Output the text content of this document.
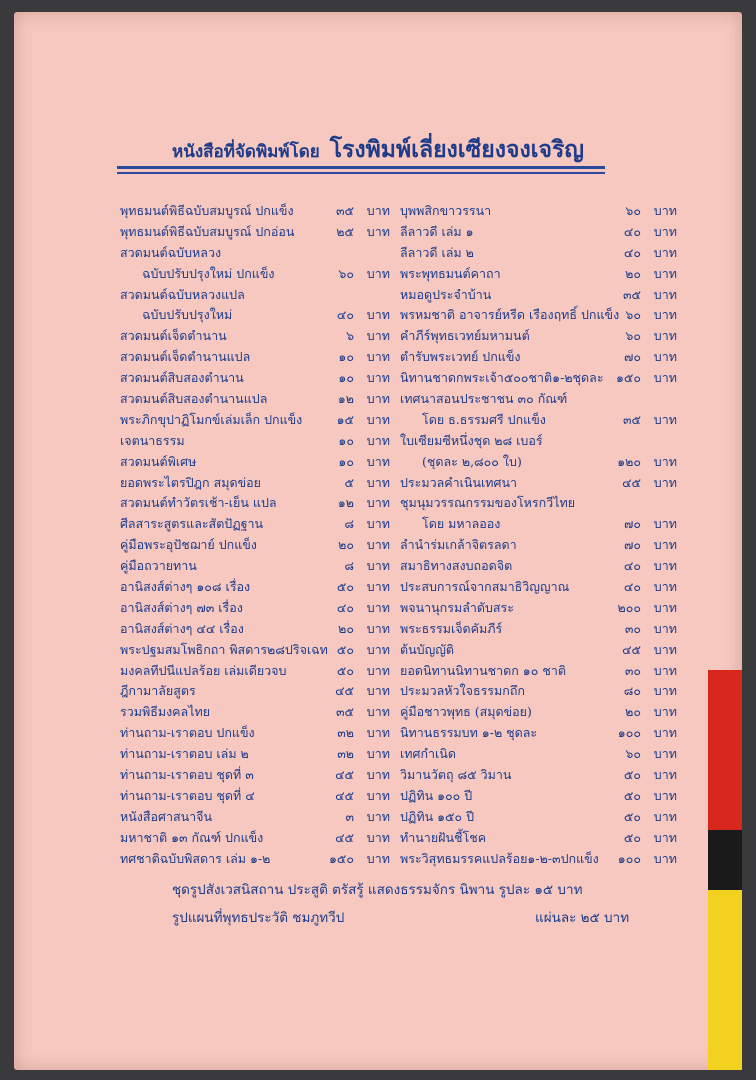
หนังสือที่จัดพิมพ์โดย โรงพิมพ์เลี่ยงเซียงจงเจริญ
พุทธมนต์พิธีฉบับสมบูรณ์ ปกแข็ง	๓๕ บาท
พุทธมนต์พิธีฉบับสมบูรณ์ ปกอ่อน	๒๕ บาท
สวดมนต์ฉบับหลวง
ฉบับปรับปรุงใหม่ ปกแข็ง	๖๐ บาท
สวดมนต์ฉบับหลวงแปล
ฉบับปรับปรุงใหม่	๔๐ บาท
สวดมนต์เจ็ดตำนาน	๖ บาท
สวดมนต์เจ็ดตำนานแปล	๑๐ บาท
สวดมนต์สิบสองตำนาน	๑๐ บาท
สวดมนต์สิบสองตำนานแปล	๑๒ บาท
พระภิกขุปาฏิโมกข์เล่มเล็ก ปกแข็ง	๑๕ บาท
เจตนาธรรม	๑๐ บาท
สวดมนต์พิเศษ	๑๐ บาท
ยอดพระไตรปิฎก สมุดข่อย	๕ บาท
สวดมนต์ทำวัตรเช้า-เย็น แปล	๑๒ บาท
ศีลสาระสูตรและสัตปัฏฐาน	๘ บาท
คู่มือพระอุปัชฌาย์ ปกแข็ง	๒๐ บาท
คู่มือถวายทาน	๘ บาท
อานิสงส์ต่างๆ ๑๐๘ เรื่อง	๕๐ บาท
อานิสงส์ต่างๆ ๗๓ เรื่อง	๔๐ บาท
อานิสงส์ต่างๆ ๔๔ เรื่อง	๒๐ บาท
พระปฐมสมโพธิกถา พิสดาร๒๘ปริจเฉท ๕๐ บาท
มงคลทีปนีแปลร้อย เล่มเดียวจบ	๕๐ บาท
ฎีกามาลัยสูตร	๔๕ บาท
รวมพิธีมงคลไทย	๓๕ บาท
ท่านถาม-เราตอบ ปกแข็ง	๓๒ บาท
ท่านถาม-เราตอบ เล่ม ๒	๓๒ บาท
ท่านถาม-เราตอบ ชุดที่ ๓	๔๕ บาท
ท่านถาม-เราตอบ ชุดที่ ๔	๔๕ บาท
หนังสือศาสนาจีน	๓ บาท
มหาชาติ ๑๓ กัณฑ์ ปกแข็ง	๔๕ บาท
ทศชาติฉบับพิสดาร เล่ม ๑-๒	๑๕๐ บาท
บุพพสิกขาวรรนา	๖๐ บาท
ลีลาวดี เล่ม ๑	๔๐ บาท
ลีลาวดี เล่ม ๒	๔๐ บาท
พระพุทธมนต์คาถา	๒๐ บาท
หมอดูประจำบ้าน	๓๕ บาท
พรหมชาติ อาจารย์หรีด เรืองฤทธิ์ ปกแข็ง ๖๐ บาท
คำภีร์พุทธเวทย์มหามนต์	๖๐ บาท
ตำรับพระเวทย์ ปกแข็ง	๗๐ บาท
นิทานชาดกพระเจ้า๕๐๐ชาติ๑-๒ชุดละ ๑๕๐ บาท
เทศนาสอนประชาชน ๓๐ กัณฑ์
โดย ธ.ธรรมศรี ปกแข็ง	๓๕ บาท
ใบเซียมซีหนึ่งชุด ๒๘ เบอร์
(ชุดละ ๒,๘๐๐ ใบ)	๑๒๐ บาท
ประมวลคำเนินเทศนา	๔๕ บาท
ชุมนุมวรรณกรรมของโหรกวีไทย
โดย มหาลออง	๗๐ บาท
ลำนำร่มเกล้าจิตรลดา	๗๐ บาท
สมาธิทางสงบถอดจิต	๔๐ บาท
ประสบการณ์จากสมาธิวิญญาณ	๔๐ บาท
พจนานุกรมลำดับสระ	๒๐๐ บาท
พระธรรมเจ็ดคัมภีร์	๓๐ บาท
ต้นบัญญัติ	๔๕ บาท
ยอดนิทานนิทานชาดก ๑๐ ชาติ	๓๐ บาท
ประมวลหัวใจธรรมกถึก	๘๐ บาท
คู่มือชาวพุทธ (สมุดข่อย)	๒๐ บาท
นิทานธรรมบท ๑-๒ ชุดละ	๑๐๐ บาท
เทศกำเนิด	๖๐ บาท
วิมานวัตถุ ๘๕ วิมาน	๕๐ บาท
ปฏิทิน ๑๐๐ ปี	๕๐ บาท
ปฏิทิน ๑๕๐ ปี	๕๐ บาท
ทำนายฝันชี้โชค	๕๐ บาท
พระวิสุทธมรรคแปลร้อย๑-๒-๓ปกแข็ง ๑๐๐ บาท
ชุดรูปสังเวสนิสถาน ประสูติ ตรัสรู้ แสดงธรรมจักร นิพาน รูปละ ๑๕ บาท
รูปแผนที่พุทธประวัติ ชมภูทวีป	แผ่นละ ๒๕ บาท
